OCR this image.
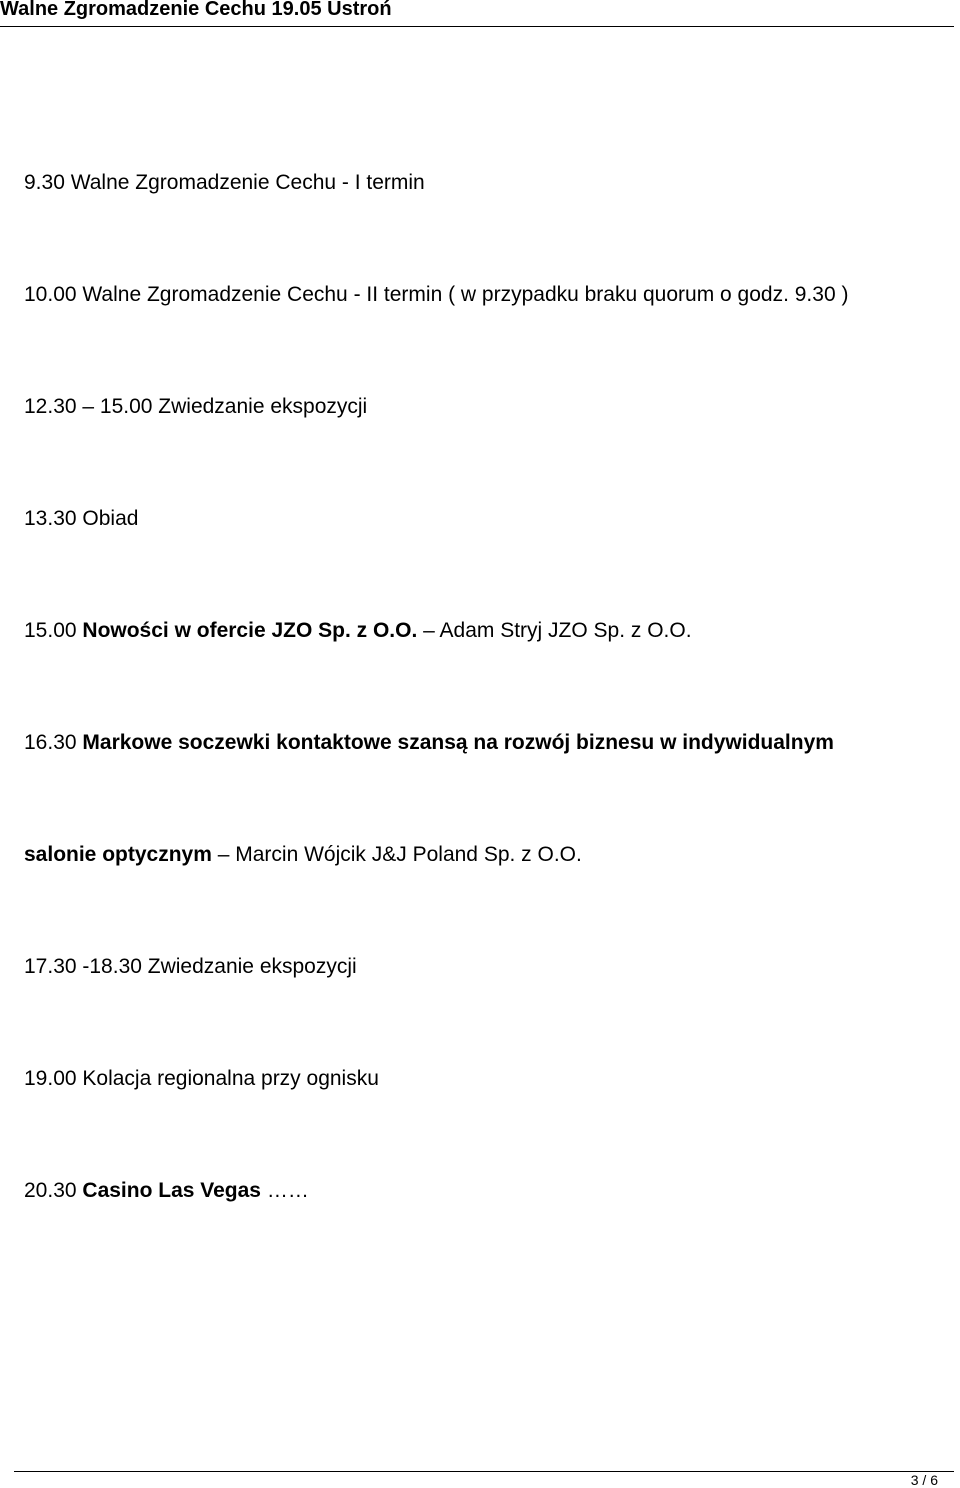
Walne Zgromadzenie Cechu 19.05 Ustroń
9.30 Walne Zgromadzenie Cechu - I termin
10.00 Walne Zgromadzenie Cechu - II termin ( w przypadku braku quorum o godz. 9.30 )
12.30 – 15.00 Zwiedzanie ekspozycji
13.30 Obiad
15.00 Nowości w ofercie JZO Sp. z O.O. – Adam Stryj JZO Sp. z O.O.
16.30 Markowe soczewki kontaktowe szansą na rozwój biznesu w indywidualnym
salonie optycznym – Marcin Wójcik J&J Poland Sp. z O.O.
17.30 -18.30 Zwiedzanie ekspozycji
19.00 Kolacja regionalna przy ognisku
20.30 Casino Las Vegas ……
3 / 6
